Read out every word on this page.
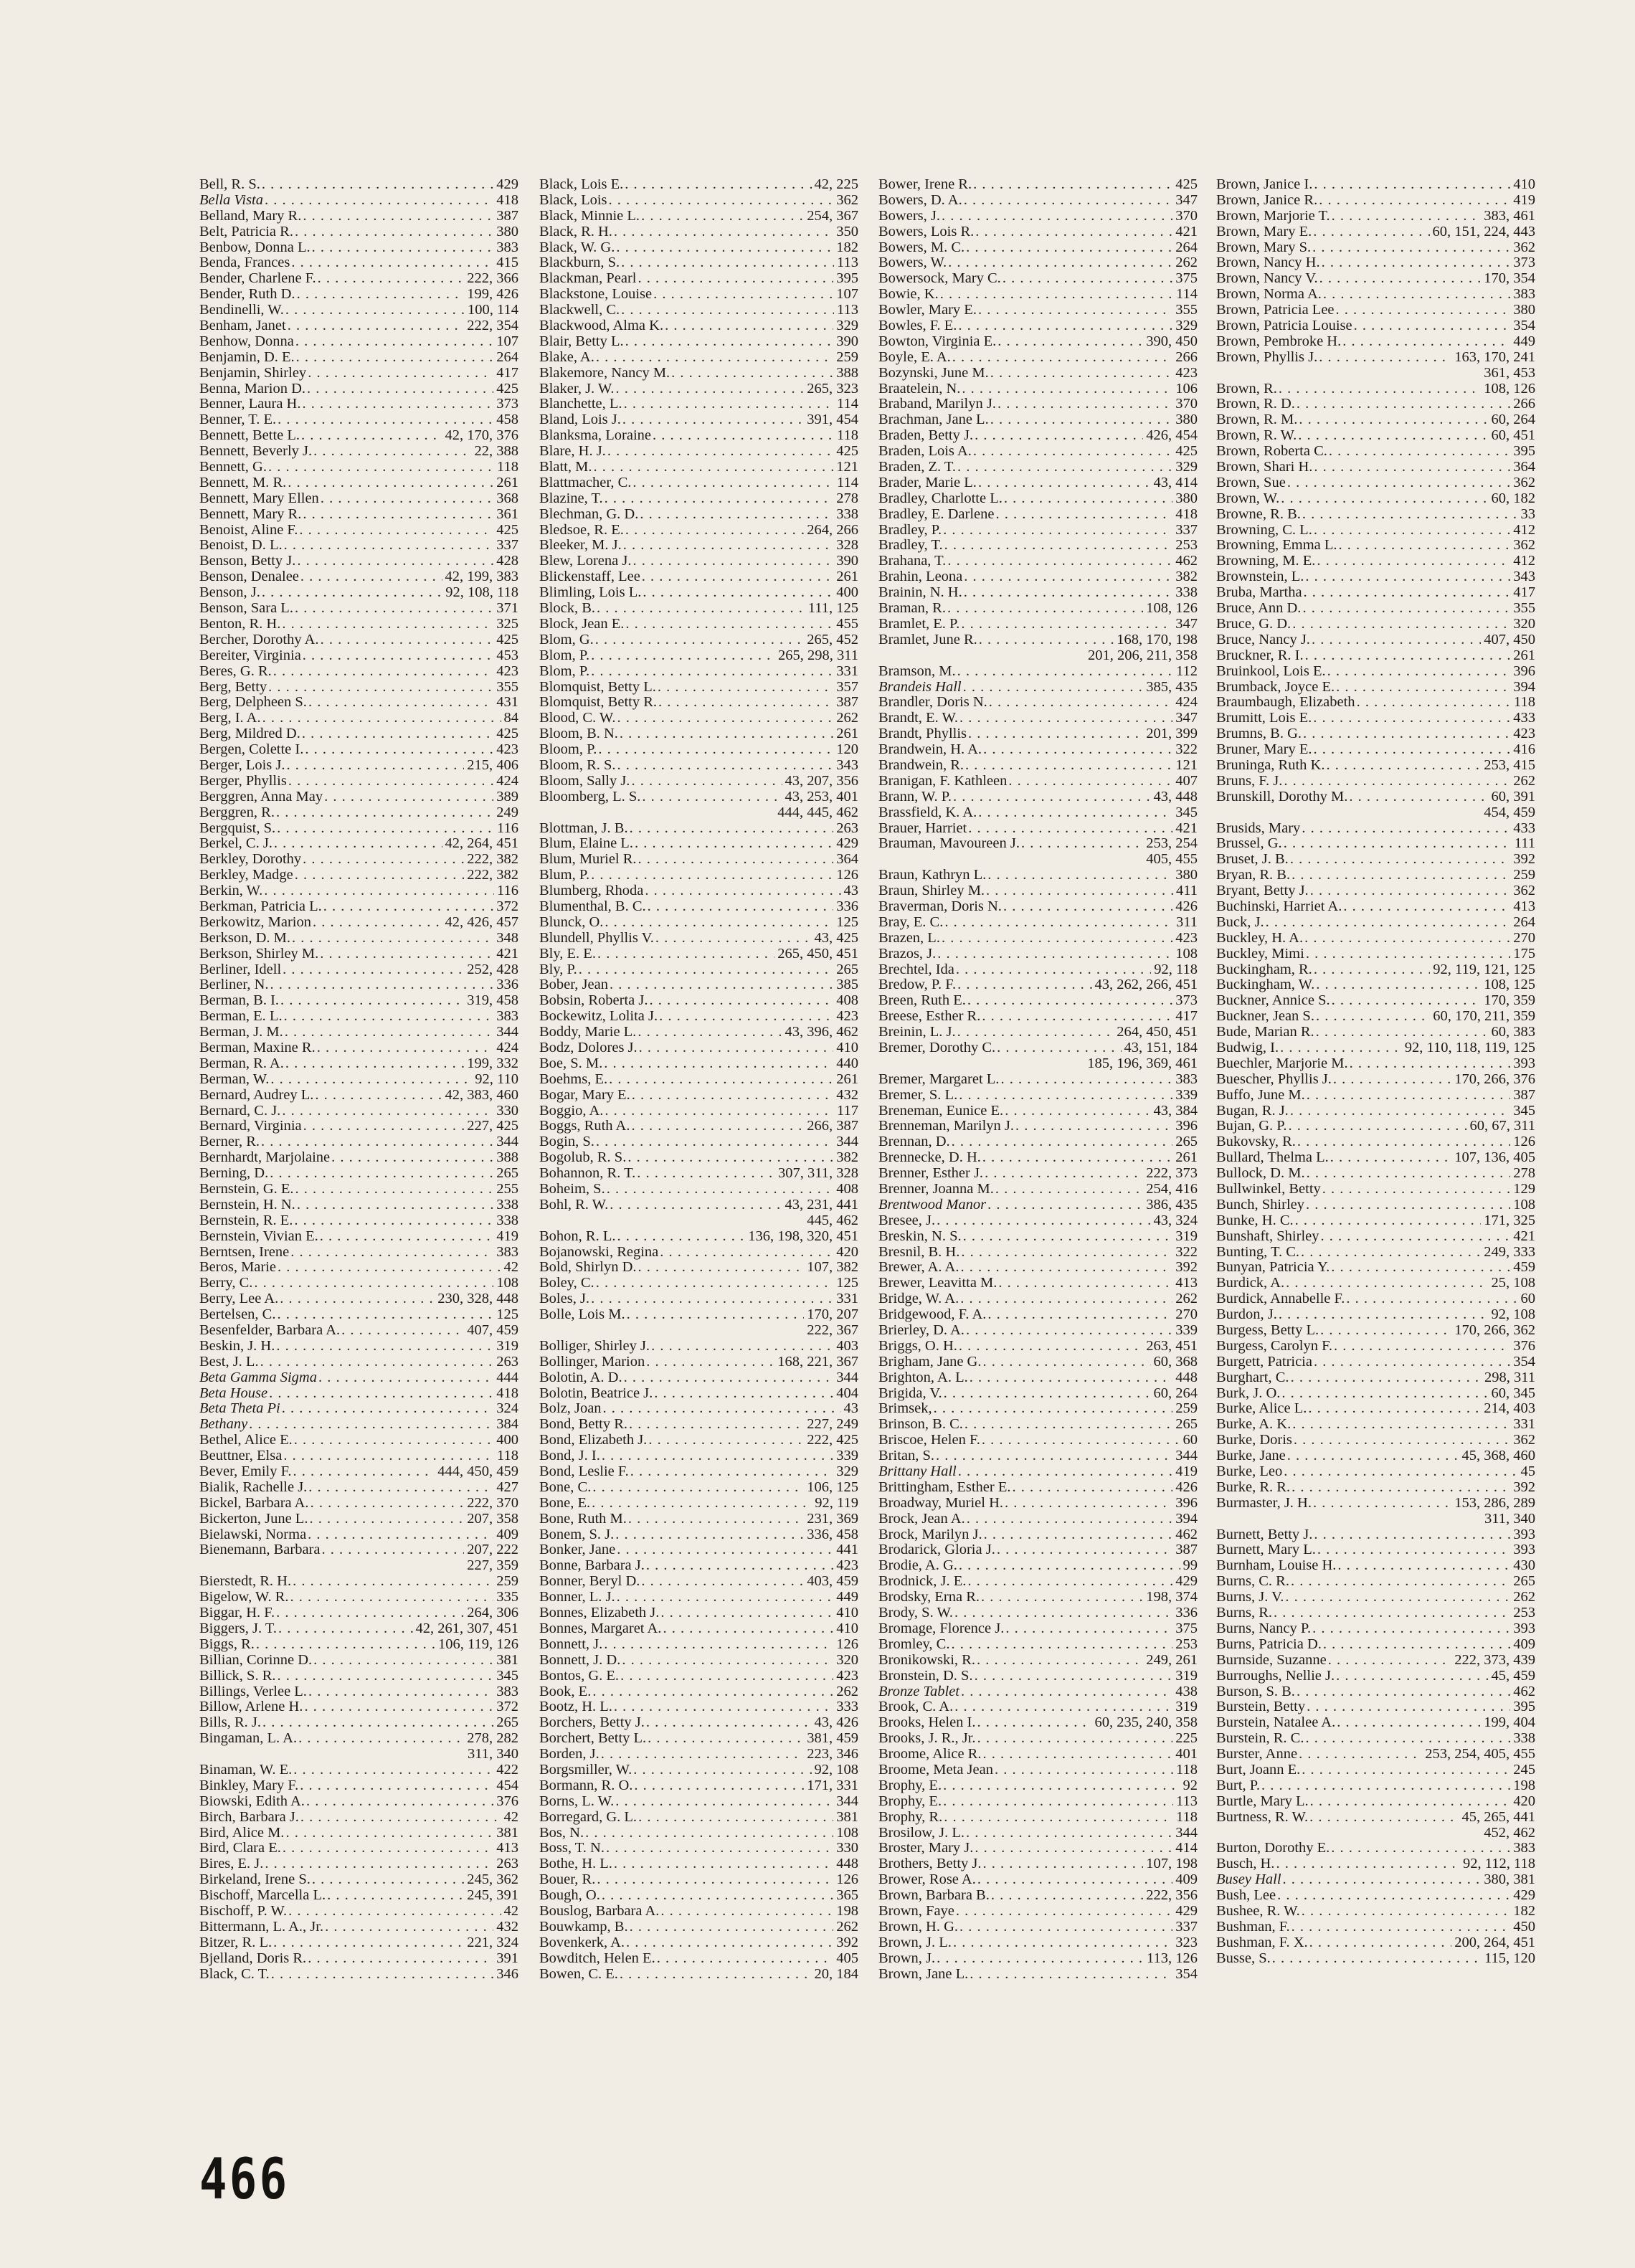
Bell, R. S. . . .	429
Bella Vista . . .	418
Belland, Mary R. . . .	387
Belt, Patricia R. . . .	380
Benbow, Donna L. . . .	383
Benda, Frances . . .	415
Bender, Charlene F. . . .	222, 366
Bender, Ruth D. . . .	199, 426
Bendinelli, W. . . .	100, 114
Benham, Janet . . .	222, 354
Benhow, Donna . . .	107
Benjamin, D. E. . . .	264
Benjamin, Shirley . . .	417
Benna, Marion D. . . .	425
Benner, Laura H. . . .	373
Benner, T. E. . . .	458
Bennett, Bette L. . . .	42, 170, 376
Bennett, Beverly J. . . .	22, 388
Bennett, G. . . .	118
Bennett, M. R. . . .	261
Bennett, Mary Ellen . . .	368
Bennett, Mary R. . . .	361
Benoist, Aline F. . . .	425
Benoist, D. L. . . .	337
Benson, Betty J. . . .	428
Benson, Denalee . . .	42, 199, 383
Benson, J. . . .	92, 108, 118
Benson, Sara L. . . .	371
Benton, R. H. . . .	325
Bercher, Dorothy A. . . .	425
Bereiter, Virginia . . .	453
Beres, G. R. . . .	423
Berg, Betty . . .	355
Berg, Delpheen S. . . .	431
Berg, I. A. . . .	84
Berg, Mildred D. . . .	425
Bergen, Colette I. . . .	423
Berger, Lois J. . . .	215, 406
Berger, Phyllis . . .	424
Berggren, Anna May . . .	389
Berggren, R. . . .	249
Bergquist, S. . . .	116
Berkel, C. J. . . .	42, 264, 451
Berkley, Dorothy . . .	222, 382
Berkley, Madge . . .	222, 382
Berkin, W. . . .	116
Berkman, Patricia L. . . .	372
Berkowitz, Marion . . .	42, 426, 457
Berkson, D. M. . . .	348
Berkson, Shirley M. . . .	421
Berliner, Idell . . .	252, 428
Berliner, N. . . .	336
Berman, B. I. . . .	319, 458
Berman, E. L. . . .	383
Berman, J. M. . . .	344
Berman, Maxine R. . . .	424
Berman, R. A. . . .	199, 332
Berman, W. . . .	92, 110
Bernard, Audrey L. . . .	42, 383, 460
Bernard, C. J. . . .	330
Bernard, Virginia . . .	227, 425
Berner, R. . . .	344
Bernhardt, Marjolaine . . .	388
Berning, D. . . .	265
Bernstein, G. E. . . .	255
Bernstein, H. N. . . .	338
Bernstein, R. E. . . .	338
Bernstein, Vivian E. . . .	419
Berntsen, Irene . . .	383
Beros, Marie . . .	42
Berry, C. . . .	108
Berry, Lee A. . . .	230, 328, 448
Bertelsen, C. . . .	125
Besenfelder, Barbara A. . . .	407, 459
Beskin, J. H. . . .	319
Best, J. L. . . .	263
Beta Gamma Sigma . . .	444
Beta House . . .	418
Beta Theta Pi . . .	324
Bethany . . .	384
Bethel, Alice E. . . .	400
Beuttner, Elsa . . .	118
Bever, Emily F. . . .	444, 450, 459
Bialik, Rachelle J. . . .	427
Bickel, Barbara A. . . .	222, 370
Bickerton, June L. . . .	207, 358
Bielawski, Norma . . .	409
Bienemann, Barbara . . .	207, 222
227, 359
Bierstedt, R. H. . . .	259
Bigelow, W. R. . . .	335
Biggar, H. F. . . .	264, 306
Biggers, J. T. . . .	42, 261, 307, 451
Biggs, R. . . .	106, 119, 126
Billian, Corinne D. . . .	381
Billick, S. R. . . .	345
Billings, Verlee L. . . .	383
Billow, Arlene H. . . .	372
Bills, R. J. . . .	265
Bingaman, L. A. . . .	278, 282
311, 340
Binaman, W. E. . . .	422
Binkley, Mary F. . . .	454
Biowski, Edith A. . . .	376
Birch, Barbara J. . . .	42
Bird, Alice M. . . .	381
Bird, Clara E. . . .	413
Bires, E. J. . . .	263
Birkeland, Irene S. . . .	245, 362
Bischoff, Marcella L. . . .	245, 391
Bischoff, P. W. . . .	42
Bittermann, L. A., Jr. . . .	432
Bitzer, R. L. . . .	221, 324
Bjelland, Doris R. . . .	391
Black, C. T. . . .	346
Black, Lois E. . . .	42, 225
Black, Lois . . .	362
Black, Minnie L. . . .	254, 367
Black, R. H. . . .	350
Black, W. G. . . .	182
Blackburn, S. . . .	113
Blackman, Pearl . . .	395
Blackstone, Louise . . .	107
Blackwell, C. . . .	113
Blackwood, Alma K. . . .	329
Blair, Betty L. . . .	390
Blake, A. . . .	259
Blakemore, Nancy M. . . .	388
Blaker, J. W. . . .	265, 323
Blanchette, L. . . .	114
Bland, Lois J. . . .	391, 454
Blanksma, Loraine . . .	118
Blare, H. J. . . .	425
Blatt, M. . . .	121
Blattmacher, C. . . .	114
Blazine, T. . . .	278
Blechman, G. D. . . .	338
Bledsoe, R. E. . . .	264, 266
Bleeker, M. J. . . .	328
Blew, Lorena J. . . .	390
Blickenstaff, Lee . . .	261
Blimling, Lois L. . . .	400
Block, B. . . .	111, 125
Block, Jean E. . . .	455
Blom, G. . . .	265, 452
Blom, P. . . .	265, 298, 311
Blom, P. . . .	331
Blomquist, Betty L. . . .	357
Blomquist, Betty R. . . .	387
Blood, C. W. . . .	262
Bloom, B. N. . . .	261
Bloom, P. . . .	120
Bloom, R. S. . . .	343
Bloom, Sally J. . . .	43, 207, 356
Bloomberg, L. S. . . .	43, 253, 401
444, 445, 462
Blottman, J. B. . . .	263
Blum, Elaine L. . . .	429
Blum, Muriel R. . . .	364
Blum, P. . . .	126
Blumberg, Rhoda . . .	43
Blumenthal, B. C. . . .	336
Blunck, O. . . .	125
Blundell, Phyllis V. . . .	43, 425
Bly, E. E. . . .	265, 450, 451
Bly, P. . . .	265
Bober, Jean . . .	385
Bobsin, Roberta J. . . .	408
Bockewitz, Lolita J. . . .	423
Boddy, Marie L. . . .	43, 396, 462
Bodz, Dolores J. . . .	410
Boe, S. M. . . .	440
Boehms, E. . . .	261
Bogar, Mary E. . . .	432
Boggio, A. . . .	117
Boggs, Ruth A. . . .	266, 387
Bogin, S. . . .	344
Bogolub, R. S. . . .	382
Bohannon, R. T. . . .	307, 311, 328
Boheim, S. . . .	408
Bohl, R. W. . . .	43, 231, 441
445, 462
Bohon, R. L. . . .	136, 198, 320, 451
Bojanowski, Regina . . .	420
Bold, Shirlyn D. . . .	107, 382
Boley, C. . . .	125
Boles, J. . . .	331
Bolle, Lois M. . . .	170, 207
222, 367
Bolliger, Shirley J. . . .	403
Bollinger, Marion . . .	168, 221, 367
Bolotin, A. D. . . .	344
Bolotin, Beatrice J. . . .	404
Bolz, Joan . . .	43
Bond, Betty R. . . .	227, 249
Bond, Elizabeth J. . . .	222, 425
Bond, J. I. . . .	339
Bond, Leslie F. . . .	329
Bone, C. . . .	106, 125
Bone, E. . . .	92, 119
Bone, Ruth M. . . .	231, 369
Bonem, S. J. . . .	336, 458
Bonker, Jane . . .	441
Bonne, Barbara J. . . .	423
Bonner, Beryl D. . . .	403, 459
Bonner, L. J. . . .	449
Bonnes, Elizabeth J. . . .	410
Bonnes, Margaret A. . . .	410
Bonnett, J. . . .	126
Bonnett, J. D. . . .	320
Bontos, G. E. . . .	423
Book, E. . . .	262
Bootz, H. L. . . .	333
Borchers, Betty J. . . .	43, 426
Borchert, Betty L. . . .	381, 459
Borden, J. . . .	223, 346
Borgsmiller, W. . . .	92, 108
Bormann, R. O. . . .	171, 331
Borns, L. W. . . .	344
Borregard, G. L. . . .	381
Bos, N. . . .	108
Boss, T. N. . . .	330
Bothe, H. L. . . .	448
Bouer, R. . . .	126
Bough, O. . . .	365
Bouslog, Barbara A. . . .	198
Bouwkamp, B. . . .	262
Bovenkerk, A. . . .	392
Bowditch, Helen E. . . .	405
Bowen, C. E. . . .	20, 184
Bower, Irene R. . . .	425
Bowers, D. A. . . .	347
Bowers, J. . . .	370
Bowers, Lois R. . . .	421
Bowers, M. C. . . .	264
Bowers, W. . . .	262
Bowersock, Mary C. . . .	375
Bowie, K. . . .	114
Bowler, Mary E. . . .	355
Bowles, F. E. . . .	329
Bowton, Virginia E. . . .	390, 450
Boyle, E. A. . . .	266
Bozynski, June M. . . .	423
Braatelein, N. . . .	106
Braband, Marilyn J. . . .	370
Brachman, Jane L. . . .	380
Braden, Betty J. . . .	426, 454
Braden, Lois A. . . .	425
Braden, Z. T. . . .	329
Brader, Marie L. . . .	43, 414
Bradley, Charlotte L. . . .	380
Bradley, E. Darlene . . .	418
Bradley, P. . . .	337
Bradley, T. . . .	253
Brahana, T. . . .	462
Brahin, Leona . . .	382
Brainin, N. H. . . .	338
Braman, R. . . .	108, 126
Bramlet, E. P. . . .	347
Bramlet, June R. . . .	168, 170, 198
201, 206, 211, 358
Bramson, M. . . .	112
Brandeis Hall . . .	385, 435
Brandler, Doris N. . . .	424
Brandt, E. W. . . .	347
Brandt, Phyllis . . .	201, 399
Brandwein, H. A. . . .	322
Brandwein, R. . . .	121
Branigan, F. Kathleen . . .	407
Brann, W. P. . . .	43, 448
Brassfield, K. A. . . .	345
Brauer, Harriet . . .	421
Brauman, Mavoureen J. . . .	253, 254
405, 455
Braun, Kathryn L. . . .	380
Braun, Shirley M. . . .	411
Braverman, Doris N. . . .	426
Bray, E. C. . . .	311
Brazen, L. . . .	423
Brazos, J. . . .	108
Brechtel, Ida . . .	92, 118
Bredow, P. F. . . .	43, 262, 266, 451
Breen, Ruth E. . . .	373
Breese, Esther R. . . .	417
Breinin, L. J. . . .	264, 450, 451
Bremer, Dorothy C. . . .	43, 151, 184
185, 196, 369, 461
Bremer, Margaret L. . . .	383
Bremer, S. L. . . .	339
Breneman, Eunice E. . . .	43, 384
Brenneman, Marilyn J. . . .	396
Brennan, D. . . .	265
Brennecke, D. H. . . .	261
Brenner, Esther J. . . .	222, 373
Brenner, Joanna M. . . .	254, 416
Brentwood Manor . . .	386, 435
Bresee, J. . . .	43, 324
Breskin, N. S. . . .	319
Bresnil, B. H. . . .	322
Brewer, A. A. . . .	392
Brewer, Leavitta M. . . .	413
Bridge, W. A. . . .	262
Bridgewood, F. A. . . .	270
Brierley, D. A. . . .	339
Briggs, O. H. . . .	263, 451
Brigham, Jane G. . . .	60, 368
Brighton, A. L. . . .	448
Brigida, V. . . .	60, 264
Brimsek, . . .	259
Brinson, B. C. . . .	265
Briscoe, Helen F. . . .	60
Britan, S. . . .	344
Brittany Hall . . .	419
Brittingham, Esther E. . . .	426
Broadway, Muriel H. . . .	396
Brock, Jean A. . . .	394
Brock, Marilyn J. . . .	462
Brodarick, Gloria J. . . .	387
Brodie, A. G. . . .	99
Brodnick, J. E. . . .	429
Brodsky, Erna R. . . .	198, 374
Brody, S. W. . . .	336
Bromage, Florence J. . . .	375
Bromley, C. . . .	253
Bronikowski, R. . . .	249, 261
Bronstein, D. S. . . .	319
Bronze Tablet . . .	438
Brook, C. A. . . .	319
Brooks, Helen I. . . .	60, 235, 240, 358
Brooks, J. R., Jr. . . .	225
Broome, Alice R. . . .	401
Broome, Meta Jean . . .	118
Brophy, E. . . .	92
Brophy, E. . . .	113
Brophy, R. . . .	118
Brosilow, J. L. . . .	344
Broster, Mary J. . . .	414
Brothers, Betty J. . . .	107, 198
Brower, Rose A. . . .	409
Brown, Barbara B. . . .	222, 356
Brown, Faye . . .	429
Brown, H. G. . . .	337
Brown, J. L. . . .	323
Brown, J. . . .	113, 126
Brown, Jane L. . . .	354
Brown, Janice I. . . .	410
Brown, Janice R. . . .	419
Brown, Marjorie T. . . .	383, 461
Brown, Mary E. . . .	60, 151, 224, 443
Brown, Mary S. . . .	362
Brown, Nancy H. . . .	373
Brown, Nancy V. . . .	170, 354
Brown, Norma A. . . .	383
Brown, Patricia Lee . . .	380
Brown, Patricia Louise . . .	354
Brown, Pembroke H. . . .	449
Brown, Phyllis J. . . .	163, 170, 241
361, 453
Brown, R. . . .	108, 126
Brown, R. D. . . .	266
Brown, R. M. . . .	60, 264
Brown, R. W. . . .	60, 451
Brown, Roberta C. . . .	395
Brown, Shari H. . . .	364
Brown, Sue . . .	362
Brown, W. . . .	60, 182
Browne, R. B. . . .	33
Browning, C. L. . . .	412
Browning, Emma L. . . .	362
Browning, M. E. . . .	412
Brownstein, L. . . .	343
Bruba, Martha . . .	417
Bruce, Ann D. . . .	355
Bruce, G. D. . . .	320
Bruce, Nancy J. . . .	407, 450
Bruckner, R. I. . . .	261
Bruinkool, Lois E. . . .	396
Brumback, Joyce E. . . .	394
Braumbaugh, Elizabeth . . .	118
Brumitt, Lois E. . . .	433
Brumns, B. G. . . .	423
Bruner, Mary E. . . .	416
Bruninga, Ruth K. . . .	253, 415
Bruns, F. J. . . .	262
Brunskill, Dorothy M. . . .	60, 391
454, 459
Brusids, Mary . . .	433
Brussel, G. . . .	111
Bruset, J. B. . . .	392
Bryan, R. B. . . .	259
Bryant, Betty J. . . .	362
Buchinski, Harriet A. . . .	413
Buck, J. . . .	264
Buckley, H. A. . . .	270
Buckley, Mimi . . .	175
Buckingham, R. . . .	92, 119, 121, 125
Buckingham, W. . . .	108, 125
Buckner, Annice S. . . .	170, 359
Buckner, Jean S. . . .	60, 170, 211, 359
Bude, Marian R. . . .	60, 383
Budwig, I. . . .	92, 110, 118, 119, 125
Buechler, Marjorie M. . . .	393
Buescher, Phyllis J. . . .	170, 266, 376
Buffo, June M. . . .	387
Bugan, R. J. . . .	345
Bujan, G. P. . . .	60, 67, 311
Bukovsky, R. . . .	126
Bullard, Thelma L. . . .	107, 136, 405
Bullock, D. M. . . .	278
Bullwinkel, Betty . . .	129
Bunch, Shirley . . .	108
Bunke, H. C. . . .	171, 325
Bunshaft, Shirley . . .	421
Bunting, T. C. . . .	249, 333
Bunyan, Patricia Y. . . .	459
Burdick, A. . . .	25, 108
Burdick, Annabelle F. . . .	60
Burdon, J. . . .	92, 108
Burgess, Betty L. . . .	170, 266, 362
Burgess, Carolyn F. . . .	376
Burgett, Patricia . . .	354
Burghart, C. . . .	298, 311
Burk, J. O. . . .	60, 345
Burke, Alice L. . . .	214, 403
Burke, A. K. . . .	331
Burke, Doris . . .	362
Burke, Jane . . .	45, 368, 460
Burke, Leo . . .	45
Burke, R. R. . . .	392
Burmaster, J. H. . . .	153, 286, 289
311, 340
Burnett, Betty J. . . .	393
Burnett, Mary L. . . .	393
Burnham, Louise H. . . .	430
Burns, C. R. . . .	265
Burns, J. V. . . .	262
Burns, R. . . .	253
Burns, Nancy P. . . .	393
Burns, Patricia D. . . .	409
Burnside, Suzanne . . .	222, 373, 439
Burroughs, Nellie J. . . .	45, 459
Burson, S. B. . . .	462
Burstein, Betty . . .	395
Burstein, Natalee A. . . .	199, 404
Burstein, R. C. . . .	338
Burster, Anne . . .	253, 254, 405, 455
Burt, Joann E. . . .	245
Burt, P. . . .	198
Burtle, Mary L. . . .	420
Burtness, R. W. . . .	45, 265, 441
452, 462
Burton, Dorothy E. . . .	383
Busch, H. . . .	92, 112, 118
Busey Hall . . .	380, 381
Bush, Lee . . .	429
Bushee, R. W. . . .	182
Bushman, F. . . .	450
Bushman, F. X. . . .	200, 264, 451
Busse, S. . . .	115, 120
466
